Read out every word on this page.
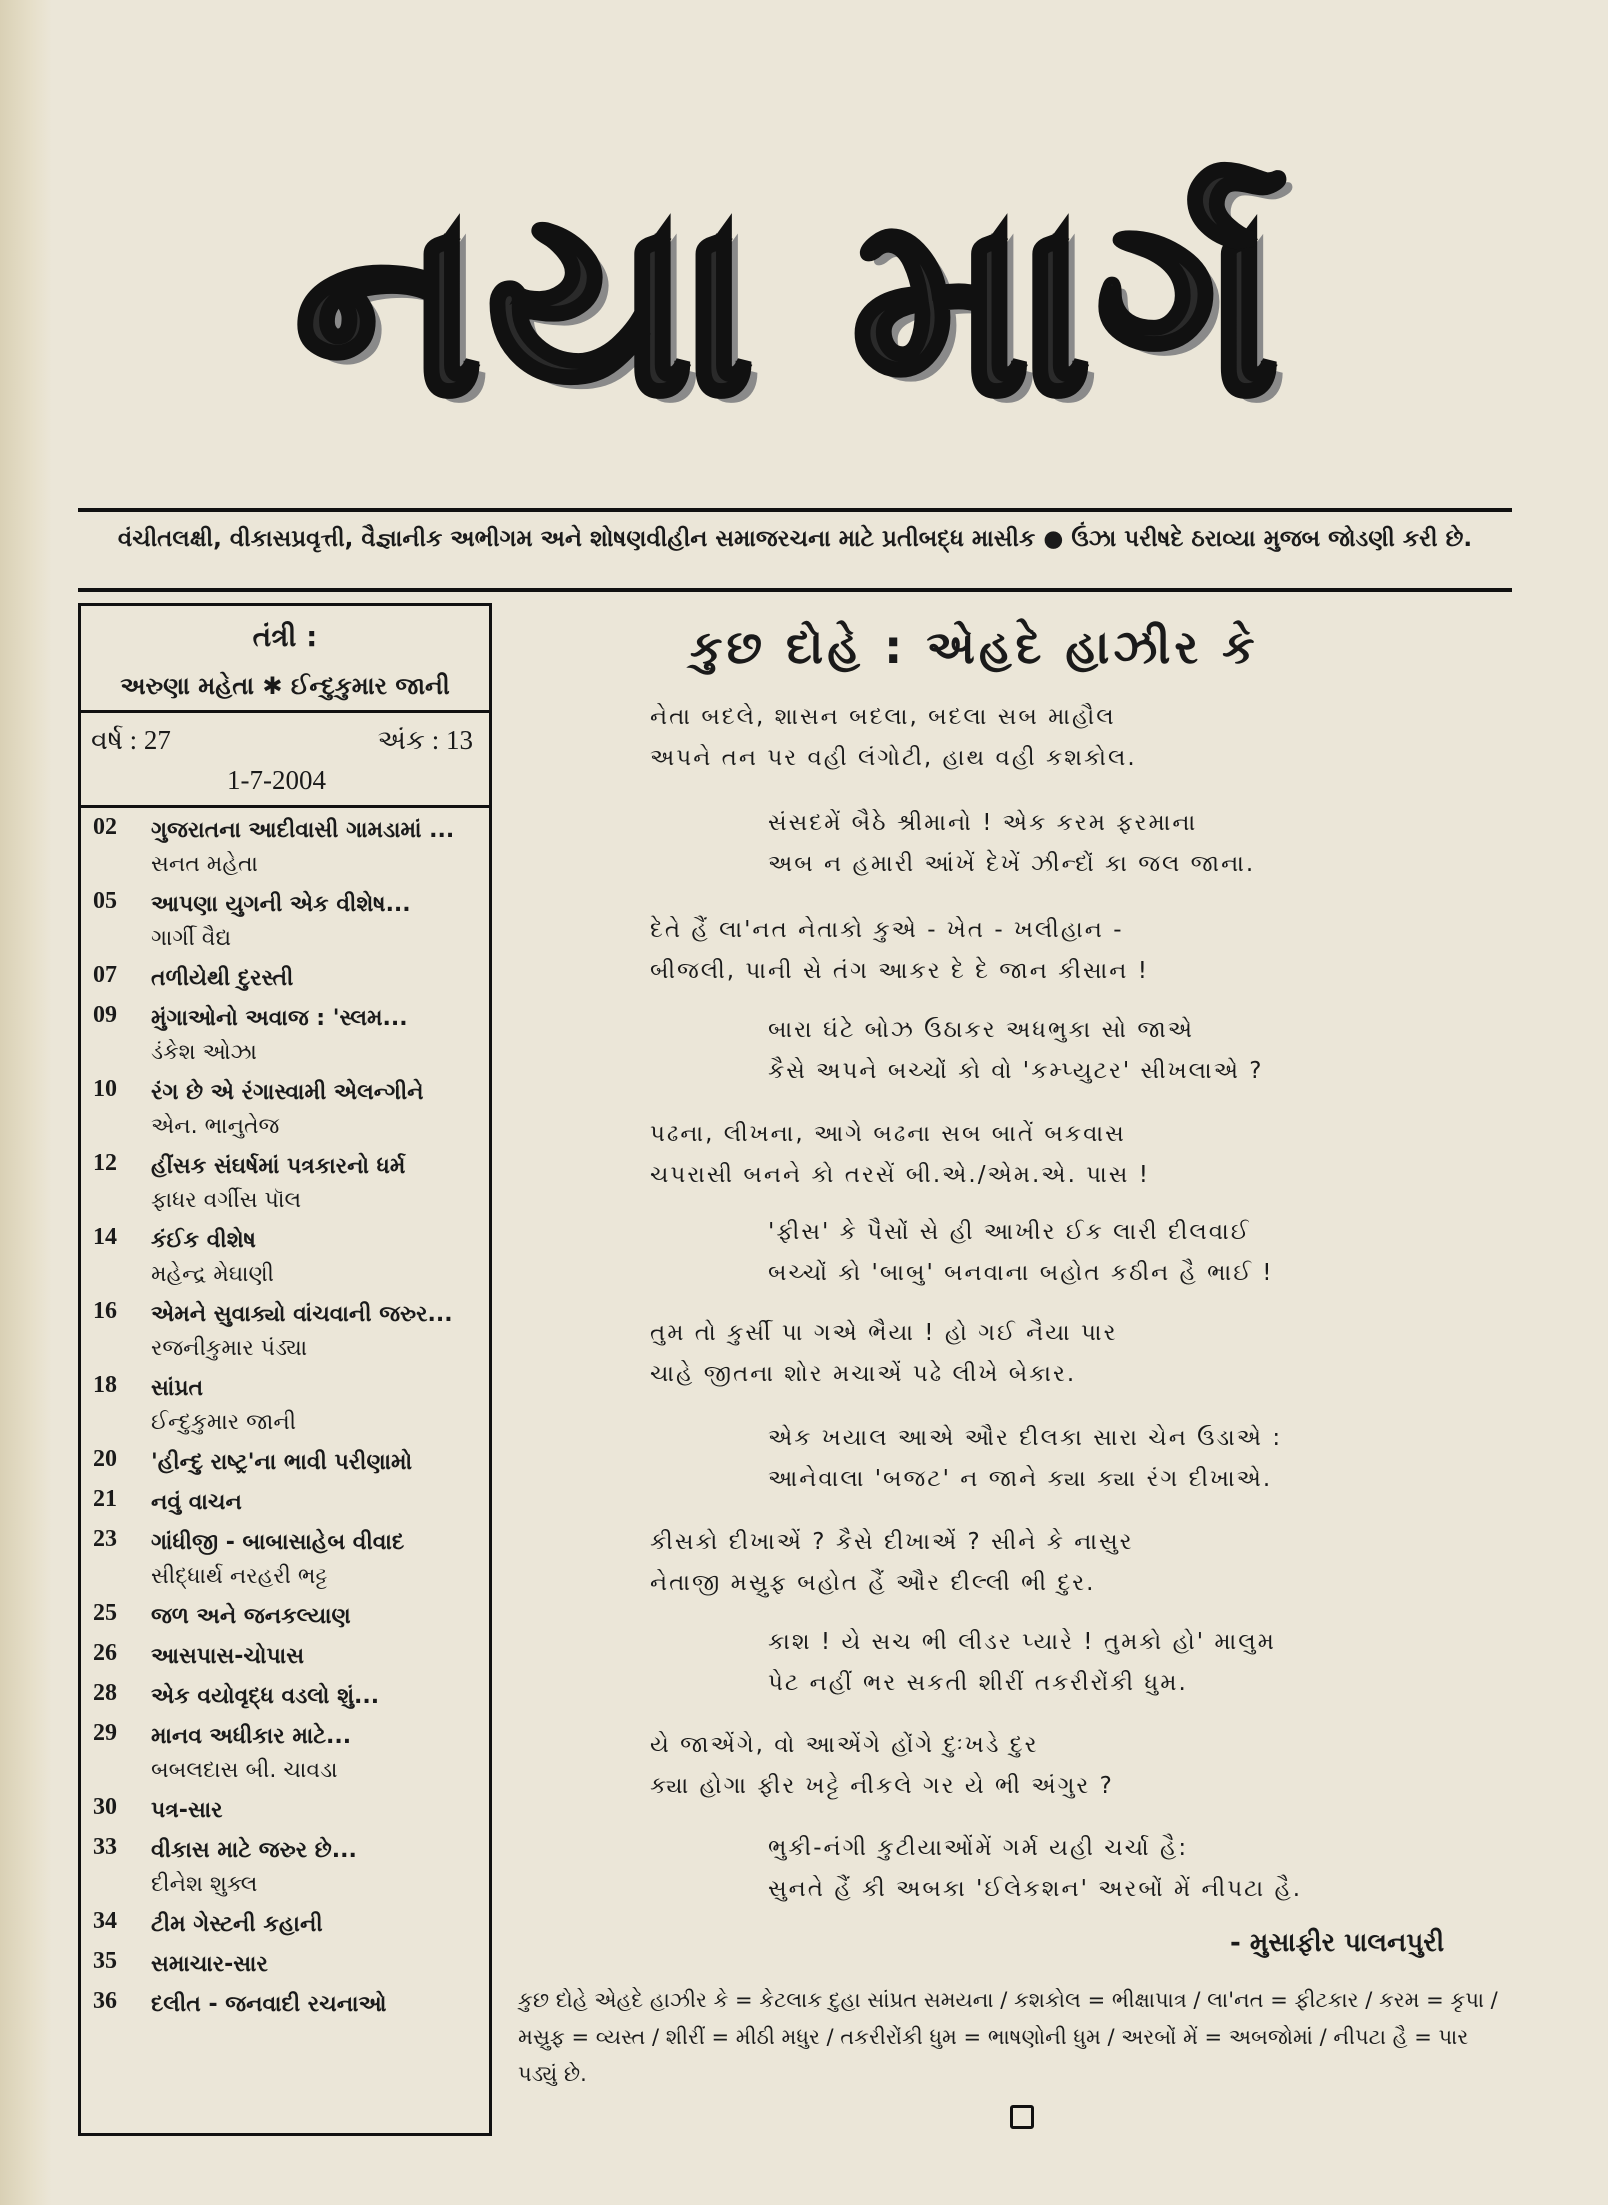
નયા માર્ગ
વંચીતલક્ષી, વીકાસપ્રવૃત્તી, વૈજ્ઞાનીક અભીગમ અને શોષણવીહીન સમાજરચના માટે પ્રતીબદ્ધ માસીક ● ઉંઝા પરીષદે ઠરાવ્યા મુજબ જોડણી કરી છે.
તંત્રી :
અરુણા મહેતા ✱ ઈન્દુકુમાર જાની
વર્ષ : 27	અંક : 13
1-7-2004
02 ગુજરાતના આદીવાસી ગામડામાં ...
સનત મહેતા
05 આપણા યુગની એક વીશેષ...
ગાર્ગી વૈદ્ય
07 તળીયેથી દુરસ્તી
09 મુંગાઓનો અવાજ : 'સ્લમ...
ડંકેશ ઓઝા
10 રંગ છે એ રંગાસ્વામી એલન્ગીને
એન. ભાનુતેજ
12 હીંસક સંઘર્ષમાં પત્રકારનો ધર્મ
ફાધર વર્ગીસ પૉલ
14 કંઈક વીશેષ
મહેન્દ્ર મેઘાણી
16 એમને સુવાક્યો વાંચવાની જરુર...
રજનીકુમાર પંડ્યા
18 સાંપ્રત
ઈન્દુકુમાર જાની
20 'હીન્દુ રાષ્ટ્ર'ના ભાવી પરીણામો
21 નવું વાચન
23 ગાંધીજી - બાબાસાહેબ વીવાદ
સીદ્ધાર્થ નરહરી ભટ્ટ
25 જળ અને જનકલ્યાણ
26 આસપાસ-ચોપાસ
28 એક વયોવૃદ્ધ વડલો શું...
29 માનવ અધીકાર માટે...
બબલદાસ બી. ચાવડા
30 પત્ર-સાર
33 વીકાસ માટે જરુર છે...
દીનેશ શુક્લ
34 ટીમ ગેસ્ટની કહાની
35 સમાચાર-સાર
36 દલીત - જનવાદી રચનાઓ
કુછ દોહે : એહદે હાઝીર કે
નેતા બદલે, શાસન બદલા, બદલા સબ માહૌલ
અપને તન પર વહી લંગોટી, હાથ વહી કશકોલ.
સંસદમેં બૈઠે શ્રીમાનો ! એક કરમ ફરમાના
અબ ન હમારી આંખેં દેખેં ઝીન્દોં કા જલ જાના.
દેતે હૈં લા'નત નેતાકો કુએ - ખેત - ખલીહાન -
બીજલી, પાની સે તંગ આકર દે દે જાન કીસાન !
બારા ઘંટે બોઝ ઉઠાકર અધભુકા સો જાએ
કૈસે અપને બચ્ચોં કો વો 'કમ્પ્યુટર' સીખલાએ ?
પઢના, લીખના, આગે બઢના સબ બાતેં બકવાસ
ચપરાસી બનને કો તરસેં બી.એ./એમ.એ. પાસ !
'ફીસ' કે પૈસોં સે હી આખીર ઈક લારી દીલવાઈ
બચ્ચોં કો 'બાબુ' બનવાના બહોત કઠીન હૈ ભાઈ !
તુમ તો કુર્સી પા ગએ ભૈયા ! હો ગઈ નૈયા પાર
ચાહે જીતના શોર મચાએં પઢે લીખે બેકાર.
એક ખયાલ આએ ઔર દીલકા સારા ચેન ઉડાએ :
આનેવાલા 'બજટ' ન જાને ક્યા ક્યા રંગ દીખાએ.
કીસકો દીખાએં ? કૈસે દીખાએં ? સીને કે નાસુર
નેતાજી મસ્રુફ બહોત હૈં ઔર દીલ્લી ભી દુર.
કાશ ! યે સચ ભી લીડર પ્યારે ! તુમકો હો' માલુમ
પેટ નહીં ભર સકતી શીરીં તકરીરોંકી ધુમ.
યે જાએંગે, વો આએંગે હોંગે દુઃખડે દુર
ક્યા હોગા ફીર ખટ્ટે નીકલે ગર યે ભી અંગુર ?
ભુકી-નંગી કુટીયાઓંમેં ગર્મ યહી ચર્ચા હૈ:
સુનતે હૈં કી અબકા 'ઈલેકશન' અરબોં મેં નીપટા હૈ.
- મુસાફીર પાલનપુરી
કુછ દોહે એહદે હાઝીર કે = કેટલાક દુહા સાંપ્રત સમયના / કશકોલ = ભીક્ષાપાત્ર / લા'નત = ફીટકાર / કરમ = કૃપા / મસ્રુફ = વ્યસ્ત / શીરીં = મીઠી મધુર / તકરીરોંકી ધુમ = ભાષણોની ધુમ / અરબોં મેં = અબજોમાં / નીપટા હૈ = પાર પડ્યું છે.
